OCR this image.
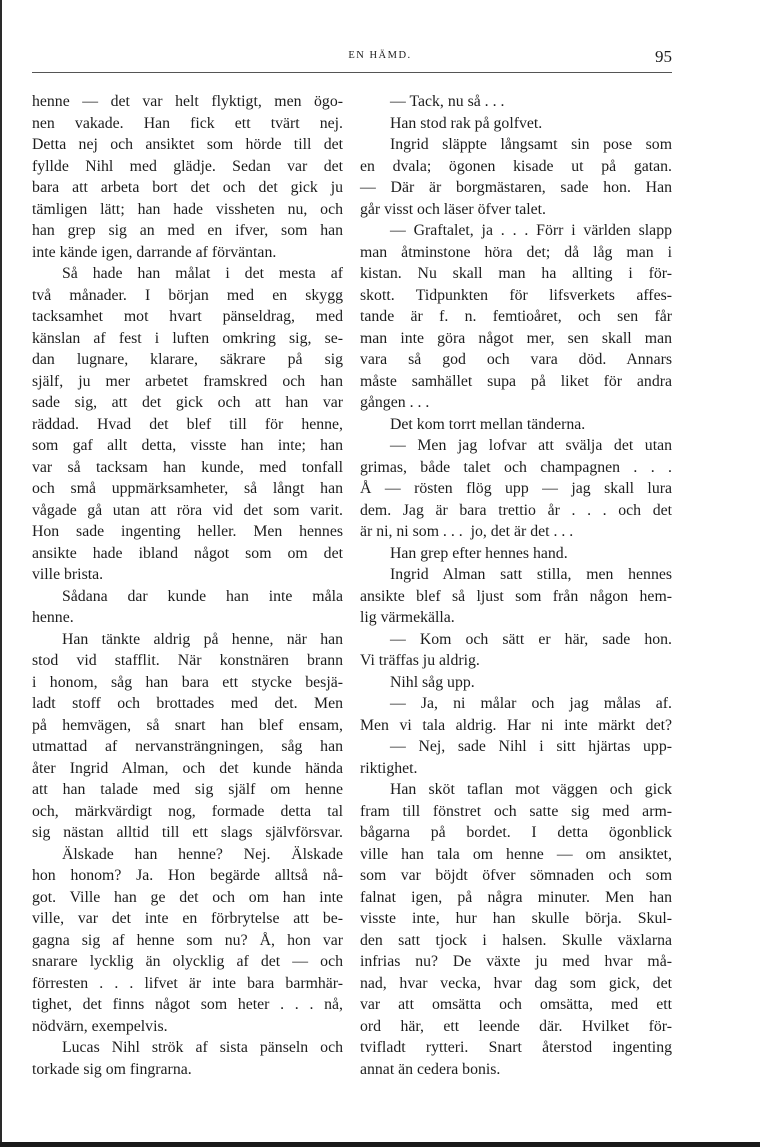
EN HÄMD.	95
henne — det var helt flyktigt, men ögo-
nen vakade. Han fick ett tvärt nej.
Detta nej och ansiktet som hörde till det
fyllde Nihl med glädje. Sedan var det
bara att arbeta bort det och det gick ju
tämligen lätt; han hade vissheten nu, och
han grep sig an med en ifver, som han
inte kände igen, darrande af förväntan.
Så hade han målat i det mesta af
två månader. I början med en skygg
tacksamhet mot hvart pänseldrag, med
känslan af fest i luften omkring sig, se-
dan lugnare, klarare, säkrare på sig
själf, ju mer arbetet framskred och han
sade sig, att det gick och att han var
räddad. Hvad det blef till för henne,
som gaf allt detta, visste han inte; han
var så tacksam han kunde, med tonfall
och små uppmärksamheter, så långt han
vågade gå utan att röra vid det som varit.
Hon sade ingenting heller. Men hennes
ansikte hade ibland något som om det
ville brista.
Sådana dar kunde han inte måla
henne.
Han tänkte aldrig på henne, när han
stod vid stafflit. När konstnären brann
i honom, såg han bara ett stycke besjä-
ladt stoff och brottades med det. Men
på hemvägen, så snart han blef ensam,
utmattad af nervansträngningen, såg han
åter Ingrid Alman, och det kunde hända
att han talade med sig själf om henne
och, märkvärdigt nog, formade detta tal
sig nästan alltid till ett slags självförsvar.
Älskade han henne? Nej. Älskade
hon honom? Ja. Hon begärde alltså nå-
got. Ville han ge det och om han inte
ville, var det inte en förbrytelse att be-
gagna sig af henne som nu? Å, hon var
snarare lycklig än olycklig af det — och
förresten . . . lifvet är inte bara barmhär-
tighet, det finns något som heter . . . nå,
nödvärn, exempelvis.
Lucas Nihl strök af sista pänseln och
torkade sig om fingrarna.
— Tack, nu så . . .
Han stod rak på golfvet.
Ingrid släppte långsamt sin pose som
en dvala; ögonen kisade ut på gatan.
— Där är borgmästaren, sade hon. Han
går visst och läser öfver talet.
— Graftalet, ja . . . Förr i världen slapp
man åtminstone höra det; då låg man i
kistan. Nu skall man ha allting i för-
skott. Tidpunkten för lifsverkets affes-
tande är f. n. femtioåret, och sen får
man inte göra något mer, sen skall man
vara så god och vara död. Annars
måste samhället supa på liket för andra
gången . . .
Det kom torrt mellan tänderna.
— Men jag lofvar att svälja det utan
grimas, både talet och champagnen . . .
Å — rösten flög upp — jag skall lura
dem. Jag är bara trettio år . . . och det
är ni, ni som . . .  jo, det är det . . .
Han grep efter hennes hand.
Ingrid Alman satt stilla, men hennes
ansikte blef så ljust som från någon hem-
lig värmekälla.
— Kom och sätt er här, sade hon.
Vi träffas ju aldrig.
Nihl såg upp.
— Ja, ni målar och jag målas af.
Men vi tala aldrig. Har ni inte märkt det?
— Nej, sade Nihl i sitt hjärtas upp-
riktighet.
Han sköt taflan mot väggen och gick
fram till fönstret och satte sig med arm-
bågarna på bordet. I detta ögonblick
ville han tala om henne — om ansiktet,
som var böjdt öfver sömnaden och som
falnat igen, på några minuter. Men han
visste inte, hur han skulle börja. Skul-
den satt tjock i halsen. Skulle växlarna
infrias nu? De växte ju med hvar må-
nad, hvar vecka, hvar dag som gick, det
var att omsätta och omsätta, med ett
ord här, ett leende där. Hvilket för-
tvifladt rytteri. Snart återstod ingenting
annat än cedera bonis.
